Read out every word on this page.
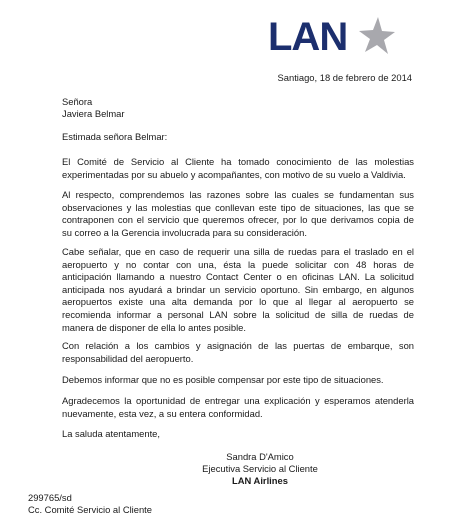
LAN
Santiago, 18 de febrero de 2014
Señora
Javiera Belmar
Estimada señora Belmar:
El Comité de Servicio al Cliente ha tomado conocimiento de las molestias
experimentadas por su abuelo y acompañantes, con motivo de su vuelo a Valdivia.
Al respecto, comprendemos las razones sobre las cuales se fundamentan sus
observaciones y las molestias que conllevan este tipo de situaciones, las que se
contraponen con el servicio que queremos ofrecer, por lo que derivamos copia de
su correo a la Gerencia involucrada para su consideración.
Cabe señalar, que en caso de requerir una silla de ruedas para el traslado en el
aeropuerto y no contar con una, ésta la puede solicitar con 48 horas de
anticipación llamando a nuestro Contact Center o en oficinas LAN. La solicitud
anticipada nos ayudará a brindar un servicio oportuno. Sin embargo, en algunos
aeropuertos existe una alta demanda por lo que al llegar al aeropuerto se
recomienda informar a personal LAN sobre la solicitud de silla de ruedas de
manera de disponer de ella lo antes posible.
Con relación a los cambios y asignación de las puertas de embarque, son
responsabilidad del aeropuerto.
Debemos informar que no es posible compensar por este tipo de situaciones.
Agradecemos la oportunidad de entregar una explicación y esperamos atenderla
nuevamente, esta vez, a su entera conformidad.
La saluda atentamente,
Sandra D'Amico
Ejecutiva Servicio al Cliente
LAN Airlines
299765/sd
Cc. Comité Servicio al Cliente
